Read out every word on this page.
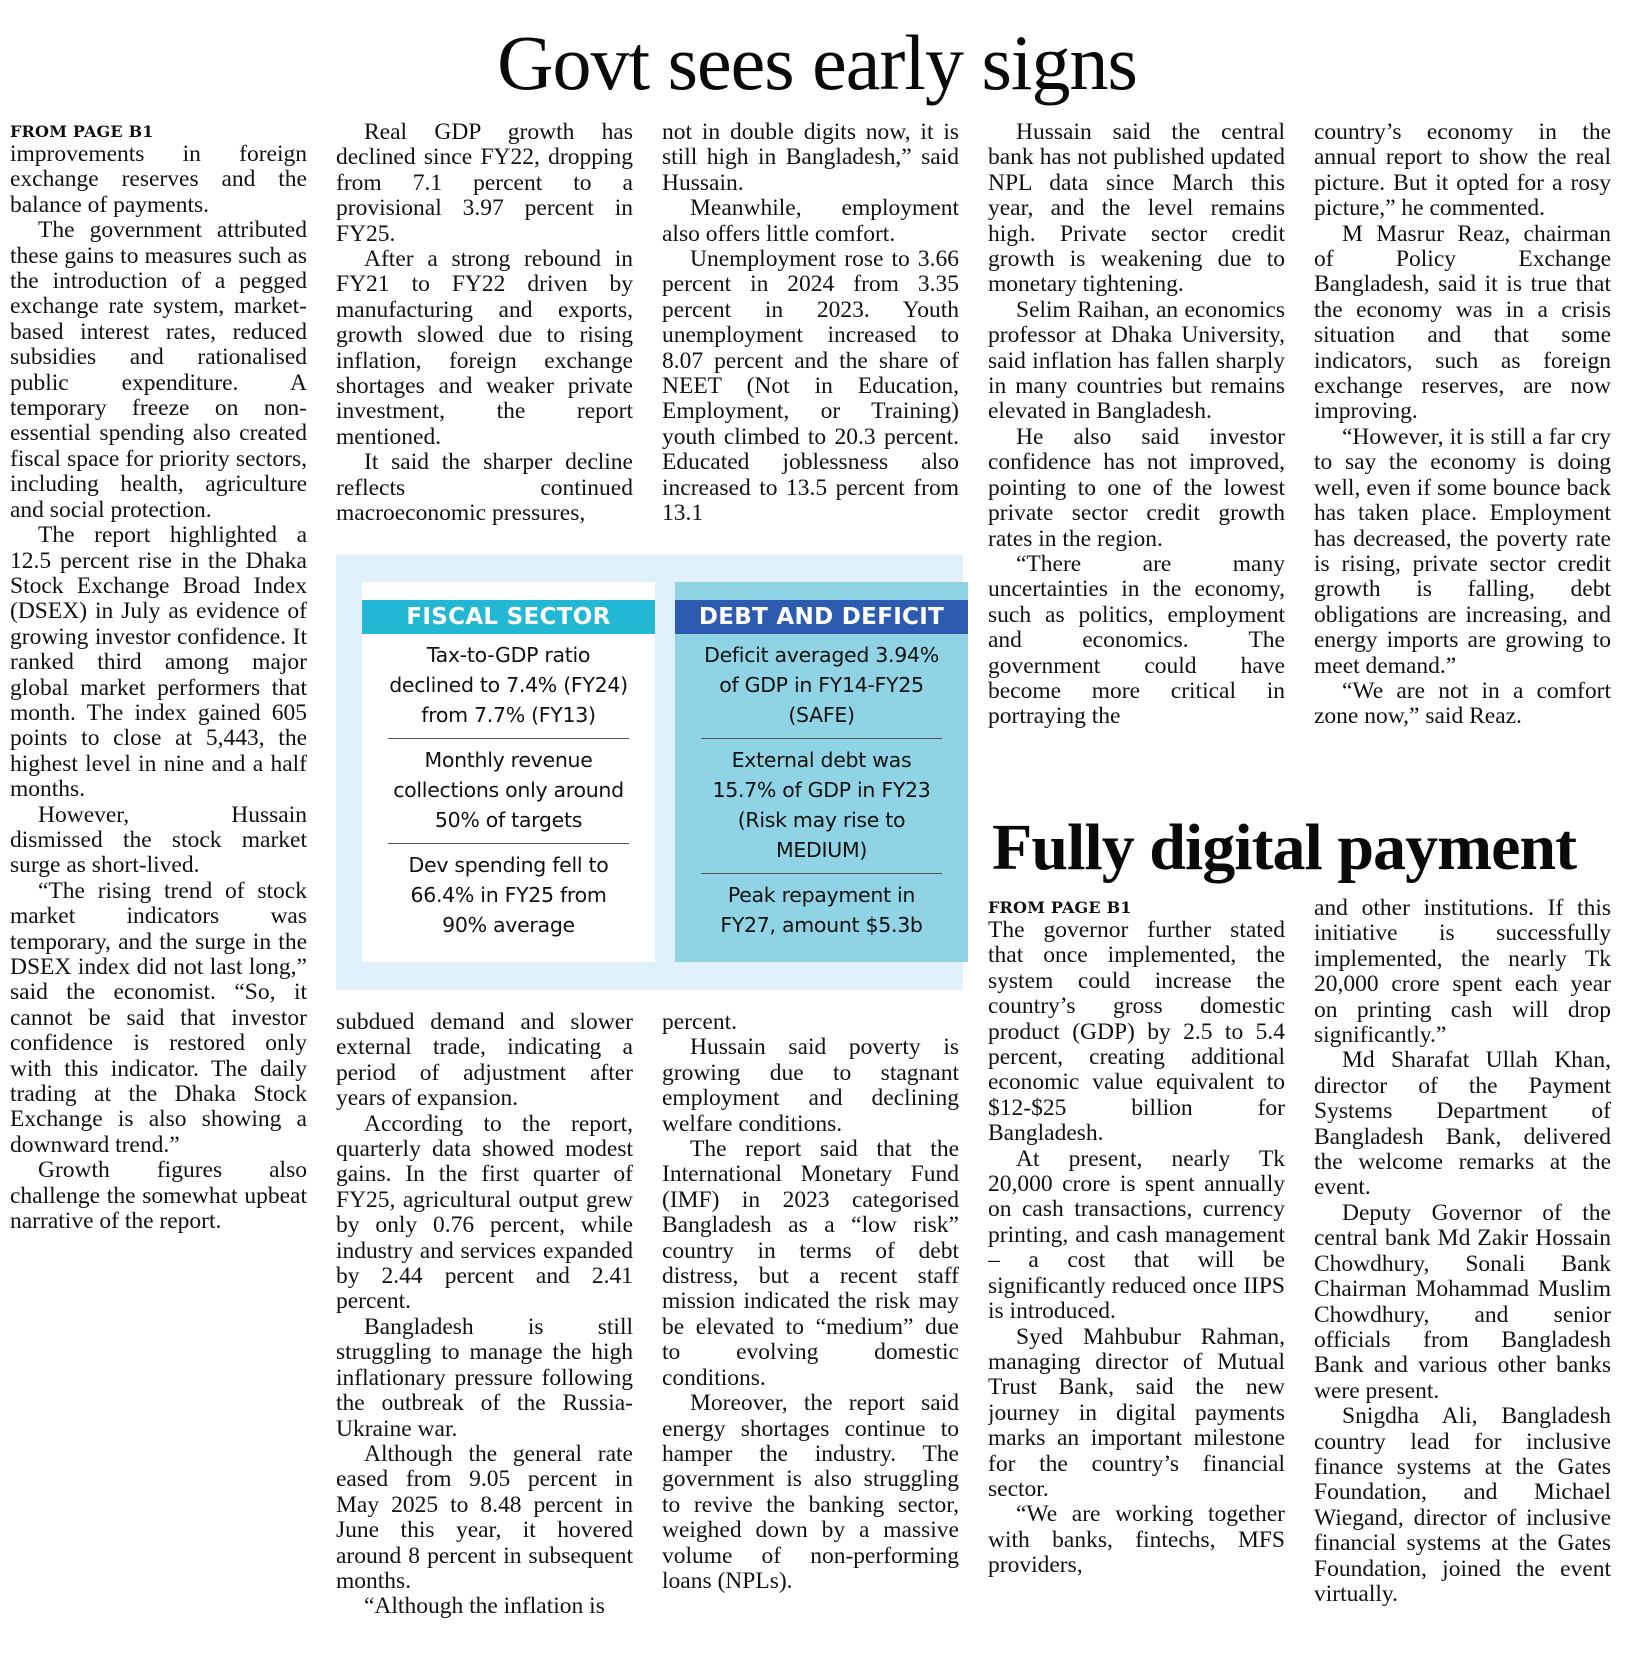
Govt sees early signs

FROM PAGE B1

improvements in foreign exchange reserves and the balance of payments.

The government attributed these gains to measures such as the introduction of a pegged exchange rate system, market-based interest rates, reduced subsidies and rationalised public expenditure. A temporary freeze on non-essential spending also created fiscal space for priority sectors, including health, agriculture and social protection.

The report highlighted a 12.5 percent rise in the Dhaka Stock Exchange Broad Index (DSEX) in July as evidence of growing investor confidence. It ranked third among major global market performers that month. The index gained 605 points to close at 5,443, the highest level in nine and a half months.

However, Hussain dismissed the stock market surge as short-lived.

“The rising trend of stock market indicators was temporary, and the surge in the DSEX index did not last long,” said the economist. “So, it cannot be said that investor confidence is restored only with this indicator. The daily trading at the Dhaka Stock Exchange is also showing a downward trend.”

Growth figures also challenge the somewhat upbeat narrative of the report.

Real GDP growth has declined since FY22, dropping from 7.1 percent to a provisional 3.97 percent in FY25.

After a strong rebound in FY21 to FY22 driven by manufacturing and exports, growth slowed due to rising inflation, foreign exchange shortages and weaker private investment, the report mentioned.

It said the sharper decline reflects continued macroeconomic pressures,

not in double digits now, it is still high in Bangladesh,” said Hussain.

Meanwhile, employment also offers little comfort.

Unemployment rose to 3.66 percent in 2024 from 3.35 percent in 2023. Youth unemployment increased to 8.07 percent and the share of NEET (Not in Education, Employment, or Training) youth climbed to 20.3 percent. Educated joblessness also increased to 13.5 percent from 13.1

FISCAL SECTOR
Tax-to-GDP ratio declined to 7.4% (FY24) from 7.7% (FY13)
Monthly revenue collections only around 50% of targets
Dev spending fell to 66.4% in FY25 from 90% average
DEBT AND DEFICIT
Deficit averaged 3.94% of GDP in FY14-FY25 (SAFE)
External debt was 15.7% of GDP in FY23 (Risk may rise to MEDIUM)
Peak repayment in FY27, amount $5.3b

subdued demand and slower external trade, indicating a period of adjustment after years of expansion.

According to the report, quarterly data showed modest gains. In the first quarter of FY25, agricultural output grew by only 0.76 percent, while industry and services expanded by 2.44 percent and 2.41 percent.

Bangladesh is still struggling to manage the high inflationary pressure following the outbreak of the Russia-Ukraine war.

Although the general rate eased from 9.05 percent in May 2025 to 8.48 percent in June this year, it hovered around 8 percent in subsequent months.

“Although the inflation is

percent.

Hussain said poverty is growing due to stagnant employment and declining welfare conditions.

The report said that the International Monetary Fund (IMF) in 2023 categorised Bangladesh as a “low risk” country in terms of debt distress, but a recent staff mission indicated the risk may be elevated to “medium” due to evolving domestic conditions.

Moreover, the report said energy shortages continue to hamper the industry. The government is also struggling to revive the banking sector, weighed down by a massive volume of non-performing loans (NPLs).

Hussain said the central bank has not published updated NPL data since March this year, and the level remains high. Private sector credit growth is weakening due to monetary tightening.

Selim Raihan, an economics professor at Dhaka University, said inflation has fallen sharply in many countries but remains elevated in Bangladesh.

He also said investor confidence has not improved, pointing to one of the lowest private sector credit growth rates in the region.

“There are many uncertainties in the economy, such as politics, employment and economics. The government could have become more critical in portraying the

country’s economy in the annual report to show the real picture. But it opted for a rosy picture,” he commented.

M Masrur Reaz, chairman of Policy Exchange Bangladesh, said it is true that the economy was in a crisis situation and that some indicators, such as foreign exchange reserves, are now improving.

“However, it is still a far cry to say the economy is doing well, even if some bounce back has taken place. Employment has decreased, the poverty rate is rising, private sector credit growth is falling, debt obligations are increasing, and energy imports are growing to meet demand.”

“We are not in a comfort zone now,” said Reaz.

Fully digital payment

FROM PAGE B1

The governor further stated that once implemented, the system could increase the country’s gross domestic product (GDP) by 2.5 to 5.4 percent, creating additional economic value equivalent to $12-$25 billion for Bangladesh.

At present, nearly Tk 20,000 crore is spent annually on cash transactions, currency printing, and cash management – a cost that will be significantly reduced once IIPS is introduced.

Syed Mahbubur Rahman, managing director of Mutual Trust Bank, said the new journey in digital payments marks an important milestone for the country’s financial sector.

“We are working together with banks, fintechs, MFS providers,

and other institutions. If this initiative is successfully implemented, the nearly Tk 20,000 crore spent each year on printing cash will drop significantly.”

Md Sharafat Ullah Khan, director of the Payment Systems Department of Bangladesh Bank, delivered the welcome remarks at the event.

Deputy Governor of the central bank Md Zakir Hossain Chowdhury, Sonali Bank Chairman Mohammad Muslim Chowdhury, and senior officials from Bangladesh Bank and various other banks were present.

Snigdha Ali, Bangladesh country lead for inclusive finance systems at the Gates Foundation, and Michael Wiegand, director of inclusive financial systems at the Gates Foundation, joined the event virtually.
